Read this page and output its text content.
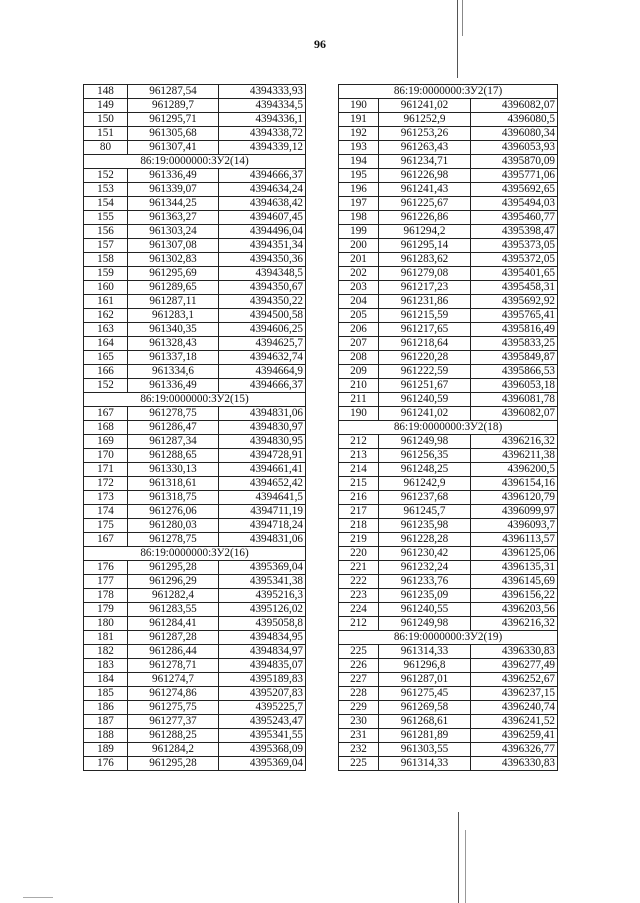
96
148	961287,54	4394333,93
149	961289,7	4394334,5
150	961295,71	4394336,1
151	961305,68	4394338,72
80	961307,41	4394339,12
86:19:0000000:ЗУ2(14)		
152	961336,49	4394666,37
153	961339,07	4394634,24
154	961344,25	4394638,42
155	961363,27	4394607,45
156	961303,24	4394496,04
157	961307,08	4394351,34
158	961302,83	4394350,36
159	961295,69	4394348,5
160	961289,65	4394350,67
161	961287,11	4394350,22
162	961283,1	4394500,58
163	961340,35	4394606,25
164	961328,43	4394625,7
165	961337,18	4394632,74
166	961334,6	4394664,9
152	961336,49	4394666,37
86:19:0000000:ЗУ2(15)		
167	961278,75	4394831,06
168	961286,47	4394830,97
169	961287,34	4394830,95
170	961288,65	4394728,91
171	961330,13	4394661,41
172	961318,61	4394652,42
173	961318,75	4394641,5
174	961276,06	4394711,19
175	961280,03	4394718,24
167	961278,75	4394831,06
86:19:0000000:ЗУ2(16)		
176	961295,28	4395369,04
177	961296,29	4395341,38
178	961282,4	4395216,3
179	961283,55	4395126,02
180	961284,41	4395058,8
181	961287,28	4394834,95
182	961286,44	4394834,97
183	961278,71	4394835,07
184	961274,7	4395189,83
185	961274,86	4395207,83
186	961275,75	4395225,7
187	961277,37	4395243,47
188	961288,25	4395341,55
189	961284,2	4395368,09
176	961295,28	4395369,04
86:19:0000000:ЗУ2(17)		
190	961241,02	4396082,07
191	961252,9	4396080,5
192	961253,26	4396080,34
193	961263,43	4396053,93
194	961234,71	4395870,09
195	961226,98	4395771,06
196	961241,43	4395692,65
197	961225,67	4395494,03
198	961226,86	4395460,77
199	961294,2	4395398,47
200	961295,14	4395373,05
201	961283,62	4395372,05
202	961279,08	4395401,65
203	961217,23	4395458,31
204	961231,86	4395692,92
205	961215,59	4395765,41
206	961217,65	4395816,49
207	961218,64	4395833,25
208	961220,28	4395849,87
209	961222,59	4395866,53
210	961251,67	4396053,18
211	961240,59	4396081,78
190	961241,02	4396082,07
86:19:0000000:ЗУ2(18)		
212	961249,98	4396216,32
213	961256,35	4396211,38
214	961248,25	4396200,5
215	961242,9	4396154,16
216	961237,68	4396120,79
217	961245,7	4396099,97
218	961235,98	4396093,7
219	961228,28	4396113,57
220	961230,42	4396125,06
221	961232,24	4396135,31
222	961233,76	4396145,69
223	961235,09	4396156,22
224	961240,55	4396203,56
212	961249,98	4396216,32
86:19:0000000:ЗУ2(19)		
225	961314,33	4396330,83
226	961296,8	4396277,49
227	961287,01	4396252,67
228	961275,45	4396237,15
229	961269,58	4396240,74
230	961268,61	4396241,52
231	961281,89	4396259,41
232	961303,55	4396326,77
225	961314,33	4396330,83
